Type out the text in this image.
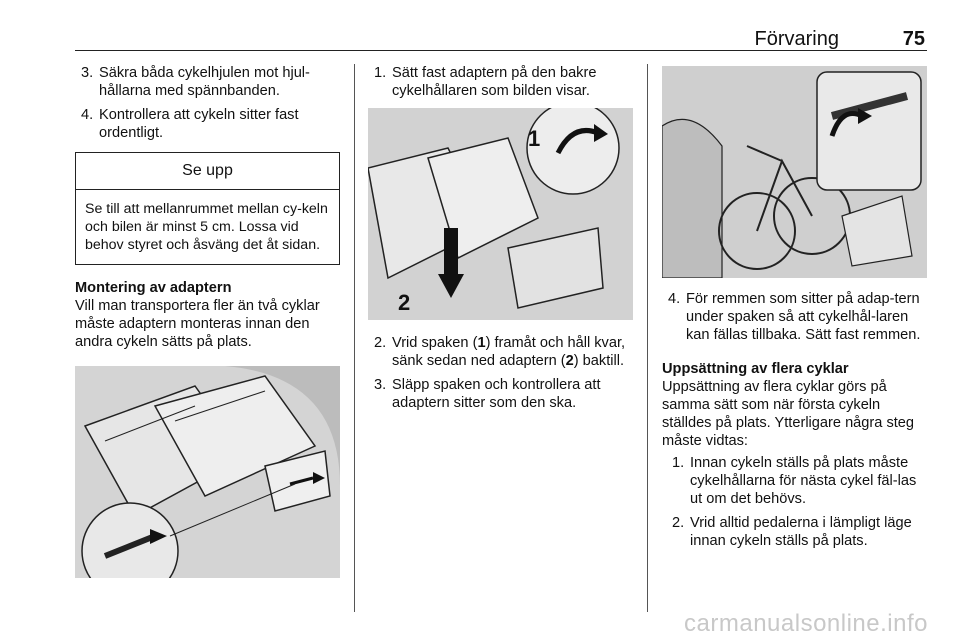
Förvaring	75
3. Säkra båda cykelhjulen mot hjul-hållarna med spännbanden.
4. Kontrollera att cykeln sitter fast ordentligt.
Se upp
Se till att mellanrummet mellan cy-keln och bilen är minst 5 cm. Lossa vid behov styret och åsväng det åt sidan.
Montering av adaptern
Vill man transportera fler än två cyklar måste adaptern monteras innan den andra cykeln sätts på plats.
1. Sätt fast adaptern på den bakre cykelhållaren som bilden visar.
1
2
2. Vrid spaken (1) framåt och håll kvar, sänk sedan ned adaptern (2) baktill.
3. Släpp spaken och kontrollera att adaptern sitter som den ska.
4. För remmen som sitter på adap-tern under spaken så att cykelhål-laren kan fällas tillbaka. Sätt fast remmen.
Uppsättning av flera cyklar
Uppsättning av flera cyklar görs på samma sätt som när första cykeln ställdes på plats. Ytterligare några steg måste vidtas:
1. Innan cykeln ställs på plats måste cykelhållarna för nästa cykel fäl-las ut om det behövs.
2. Vrid alltid pedalerna i lämpligt läge innan cykeln ställs på plats.
carmanualsonline.info
